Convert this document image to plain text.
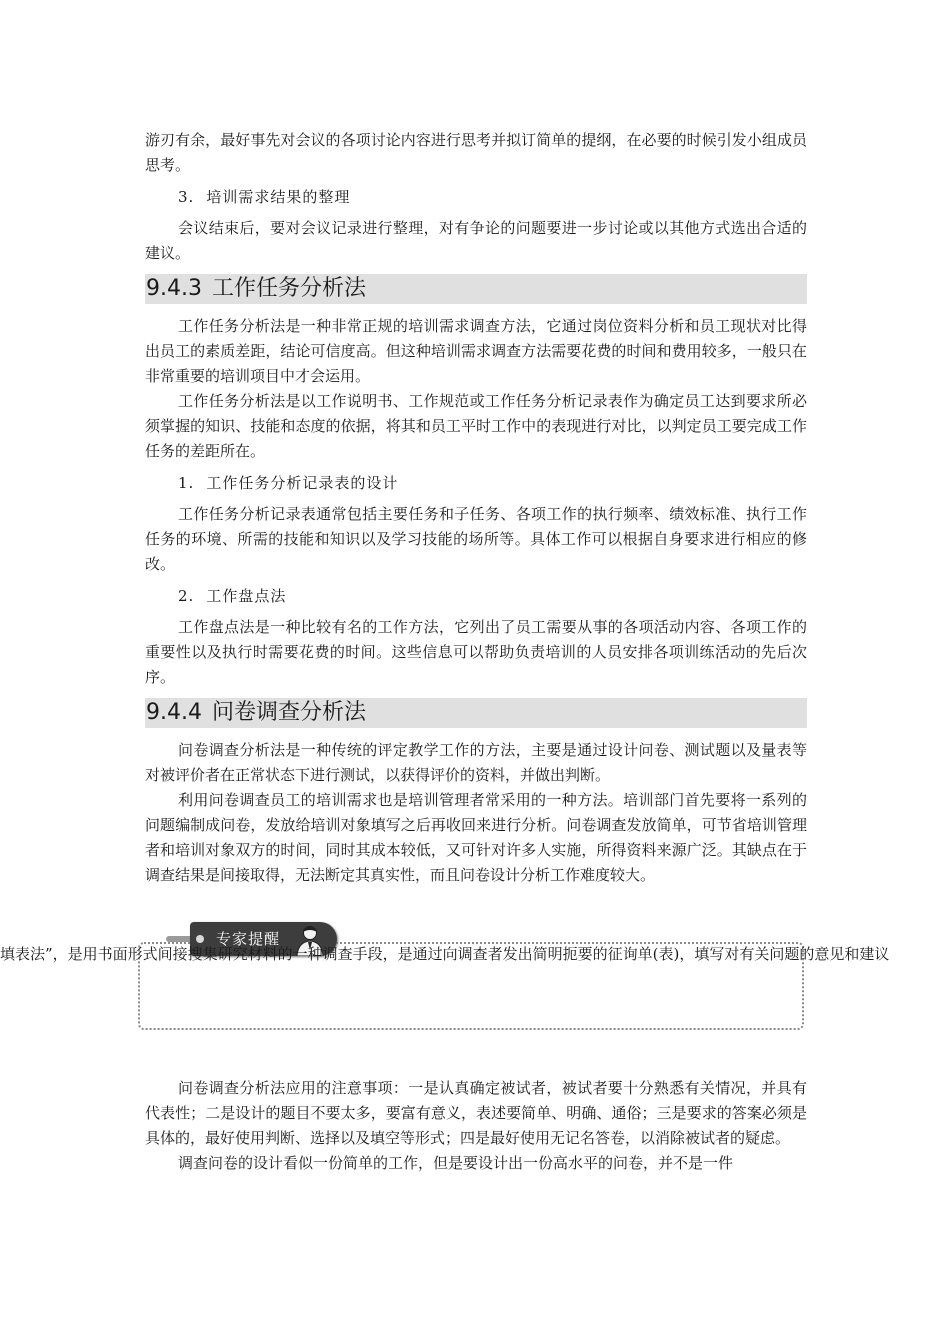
游刃有余，最好事先对会议的各项讨论内容进行思考并拟订简单的提纲，在必要的时候引发小组成员思考。

3. 培训需求结果的整理

会议结束后，要对会议记录进行整理，对有争论的问题要进一步讨论或以其他方式选出合适的建议。

9.4.3 工作任务分析法

工作任务分析法是一种非常正规的培训需求调查方法，它通过岗位资料分析和员工现状对比得出员工的素质差距，结论可信度高。但这种培训需求调查方法需要花费的时间和费用较多，一般只在非常重要的培训项目中才会运用。

工作任务分析法是以工作说明书、工作规范或工作任务分析记录表作为确定员工达到要求所必须掌握的知识、技能和态度的依据，将其和员工平时工作中的表现进行对比，以判定员工要完成工作任务的差距所在。

1. 工作任务分析记录表的设计

工作任务分析记录表通常包括主要任务和子任务、各项工作的执行频率、绩效标准、执行工作任务的环境、所需的技能和知识以及学习技能的场所等。具体工作可以根据自身要求进行相应的修改。

2. 工作盘点法

工作盘点法是一种比较有名的工作方法，它列出了员工需要从事的各项活动内容、各项工作的重要性以及执行时需要花费的时间。这些信息可以帮助负责培训的人员安排各项训练活动的先后次序。

9.4.4 问卷调查分析法

问卷调查分析法是一种传统的评定教学工作的方法，主要是通过设计问卷、测试题以及量表等对被评价者在正常状态下进行测试，以获得评价的资料，并做出判断。

利用问卷调查员工的培训需求也是培训管理者常采用的一种方法。培训部门首先要将一系列的问题编制成问卷，发放给培训对象填写之后再收回来进行分析。问卷调查发放简单，可节省培训管理者和培训对象双方的时间，同时其成本较低，又可针对许多人实施，所得资料来源广泛。其缺点在于调查结果是间接取得，无法断定其真实性，而且问卷设计分析工作难度较大。

专家提醒
填表法”，是用书面形式间接搜集研究材料的一种调查手段，是通过向调查者发出简明扼要的征询单(表)，填写对有关问题的意见和建议

问卷调查分析法应用的注意事项：一是认真确定被试者，被试者要十分熟悉有关情况，并具有代表性；二是设计的题目不要太多，要富有意义，表述要简单、明确、通俗；三是要求的答案必须是具体的，最好使用判断、选择以及填空等形式；四是最好使用无记名答卷，以消除被试者的疑虑。

调查问卷的设计看似一份简单的工作，但是要设计出一份高水平的问卷，并不是一件
